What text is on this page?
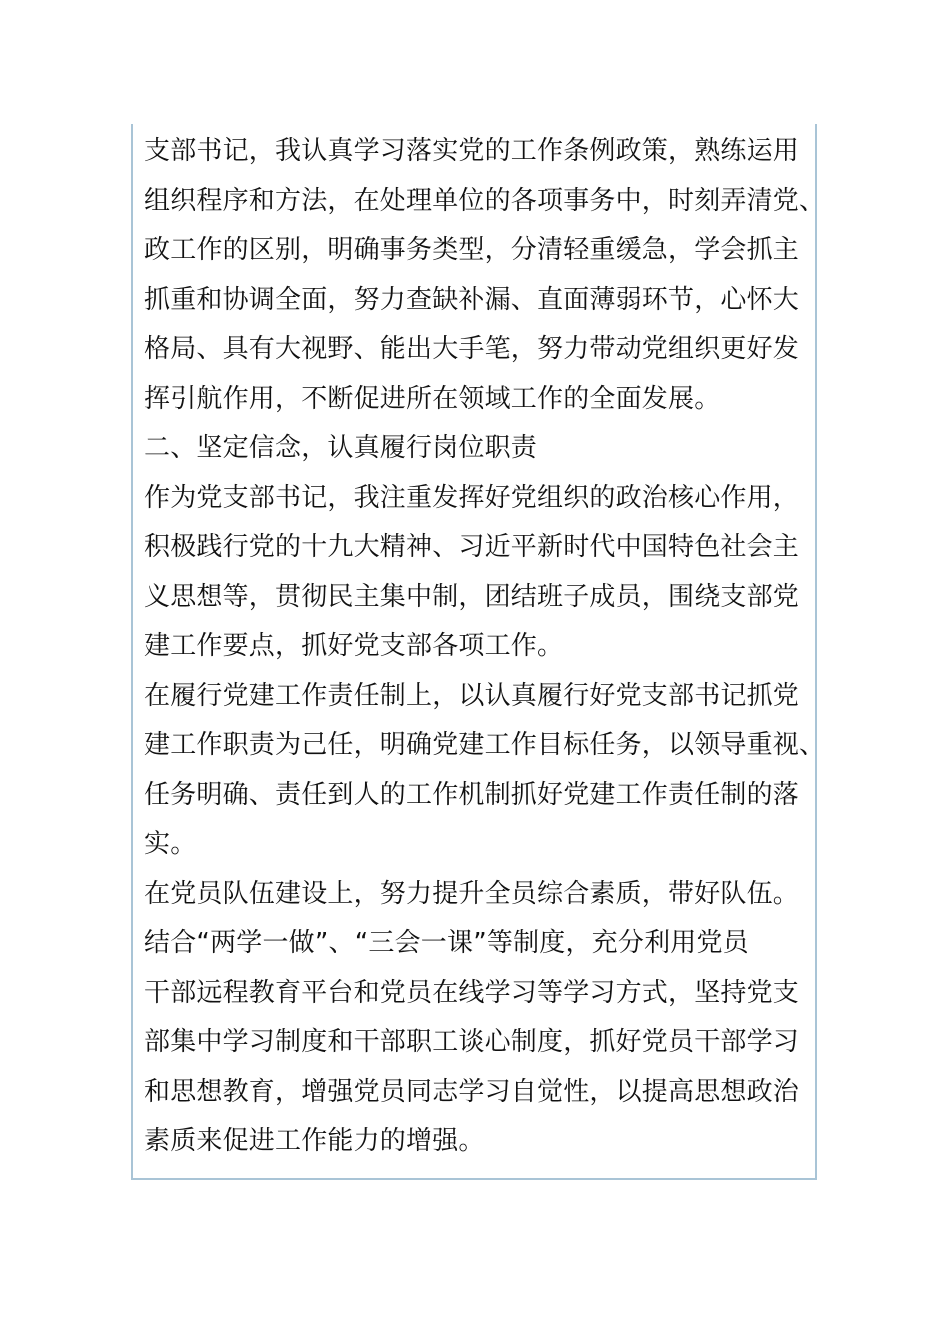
支部书记，我认真学习落实党的工作条例政策，熟练运用
组织程序和方法，在处理单位的各项事务中，时刻弄清党、
政工作的区别，明确事务类型，分清轻重缓急，学会抓主
抓重和协调全面，努力查缺补漏、直面薄弱环节，心怀大
格局、具有大视野、能出大手笔，努力带动党组织更好发
挥引航作用，不断促进所在领域工作的全面发展。
二、坚定信念，认真履行岗位职责
作为党支部书记，我注重发挥好党组织的政治核心作用，
积极践行党的十九大精神、习近平新时代中国特色社会主
义思想等，贯彻民主集中制，团结班子成员，围绕支部党
建工作要点，抓好党支部各项工作。
在履行党建工作责任制上，以认真履行好党支部书记抓党
建工作职责为己任，明确党建工作目标任务，以领导重视、
任务明确、责任到人的工作机制抓好党建工作责任制的落
实。
在党员队伍建设上，努力提升全员综合素质，带好队伍。
结合“两学一做”、“三会一课”等制度，充分利用党员
干部远程教育平台和党员在线学习等学习方式，坚持党支
部集中学习制度和干部职工谈心制度，抓好党员干部学习
和思想教育，增强党员同志学习自觉性，以提高思想政治
素质来促进工作能力的增强。
